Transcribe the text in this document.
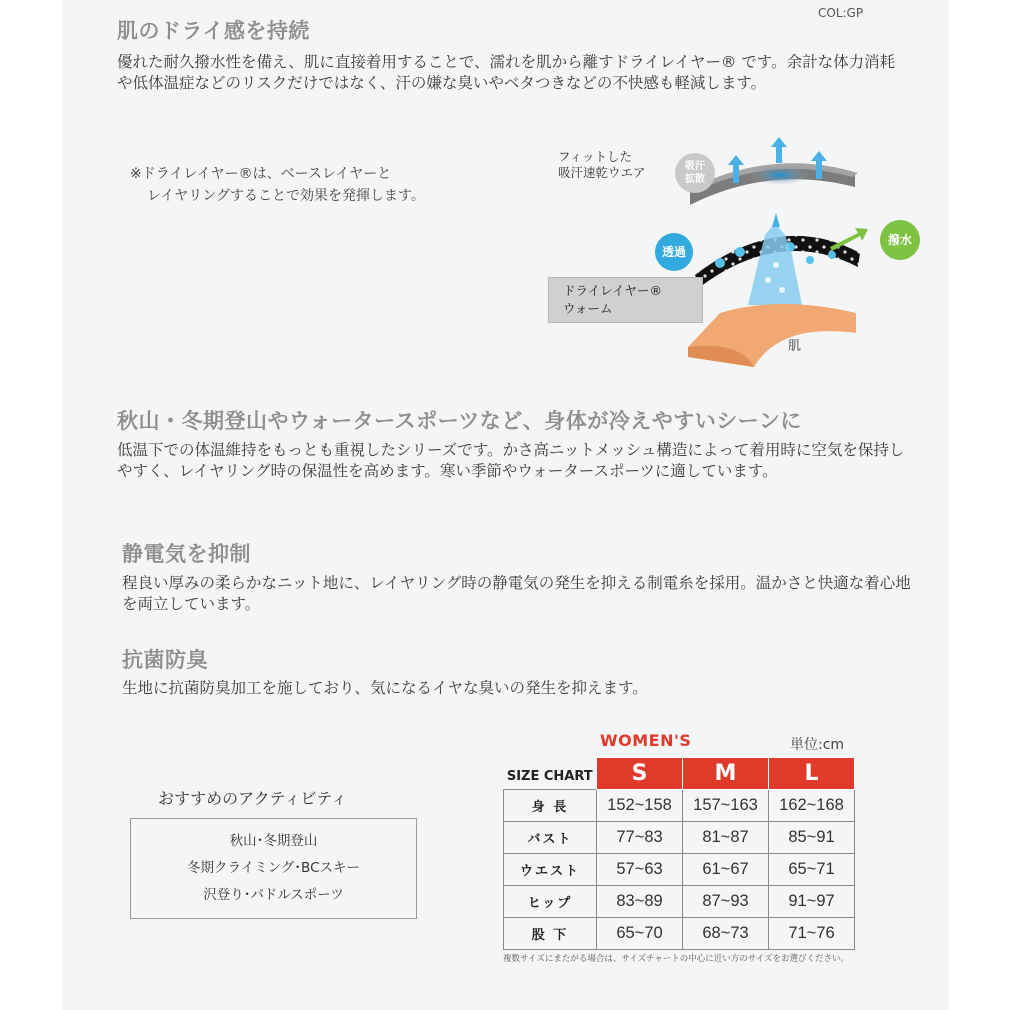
COL:GP
肌のドライ感を持続
優れた耐久撥水性を備え、肌に直接着用することで、濡れを肌から離すドライレイヤー® です。余計な体力消耗や低体温症などのリスクだけではなく、汗の嫌な臭いやベタつきなどの不快感も軽減します。
※ドライレイヤー®は、ベースレイヤーと
レイヤリングすることで効果を発揮します。
フィットした
吸汗速乾ウエア	吸汗
拡散
透過
撥水
ドライレイヤー®
ウォーム
肌
秋山・冬期登山やウォータースポーツなど、身体が冷えやすいシーンに
低温下での体温維持をもっとも重視したシリーズです。かさ高ニットメッシュ構造によって着用時に空気を保持しやすく、レイヤリング時の保温性を高めます。寒い季節やウォータースポーツに適しています。
静電気を抑制
程良い厚みの柔らかなニット地に、レイヤリング時の静電気の発生を抑える制電糸を採用。温かさと快適な着心地を両立しています。
抗菌防臭
生地に抗菌防臭加工を施しており、気になるイヤな臭いの発生を抑えます。
おすすめのアクティビティ
秋山･冬期登山
冬期クライミング･BCスキー
沢登り･パドルスポーツ
WOMEN'S	単位:cm
SIZE CHART	S	M	L
身 長	152~158	157~163	162~168
バスト	77~83	81~87	85~91
ウエスト	57~63	61~67	65~71
ヒップ	83~89	87~93	91~97
股 下	65~70	68~73	71~76
複数サイズにまたがる場合は、サイズチャートの中心に近い方のサイズをお選びください。
